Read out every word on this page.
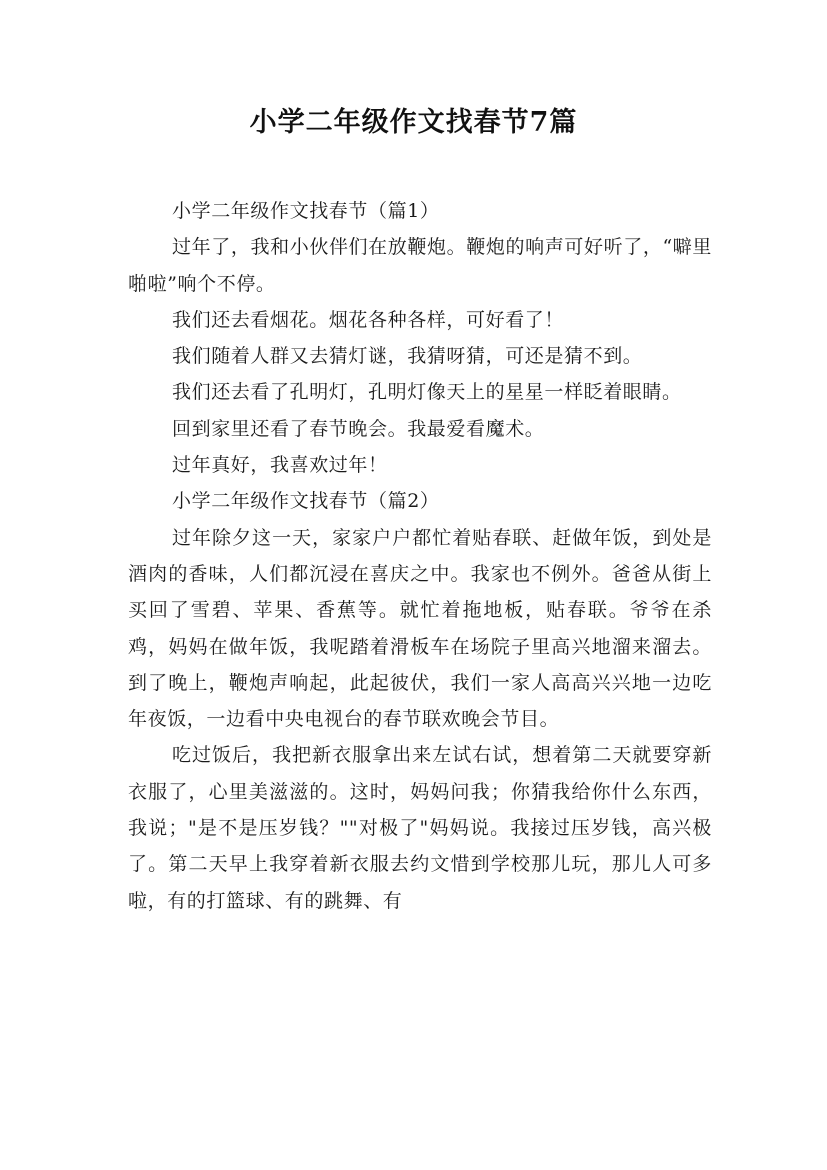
小学二年级作文找春节7篇

小学二年级作文找春节（篇1）

过年了，我和小伙伴们在放鞭炮。鞭炮的响声可好听了，“噼里啪啦”响个不停。

我们还去看烟花。烟花各种各样，可好看了！

我们随着人群又去猜灯谜，我猜呀猜，可还是猜不到。

我们还去看了孔明灯，孔明灯像天上的星星一样眨着眼睛。

回到家里还看了春节晚会。我最爱看魔术。

过年真好，我喜欢过年！

小学二年级作文找春节（篇2）

过年除夕这一天，家家户户都忙着贴春联、赶做年饭，到处是酒肉的香味，人们都沉浸在喜庆之中。我家也不例外。爸爸从街上买回了雪碧、苹果、香蕉等。就忙着拖地板，贴春联。爷爷在杀鸡，妈妈在做年饭，我呢踏着滑板车在场院子里高兴地溜来溜去。到了晚上，鞭炮声响起，此起彼伏，我们一家人高高兴兴地一边吃年夜饭，一边看中央电视台的春节联欢晚会节目。

吃过饭后，我把新衣服拿出来左试右试，想着第二天就要穿新衣服了，心里美滋滋的。这时，妈妈问我；你猜我给你什么东西，我说；"是不是压岁钱？""对极了"妈妈说。我接过压岁钱，高兴极了。第二天早上我穿着新衣服去约文惜到学校那儿玩，那儿人可多啦，有的打篮球、有的跳舞、有
